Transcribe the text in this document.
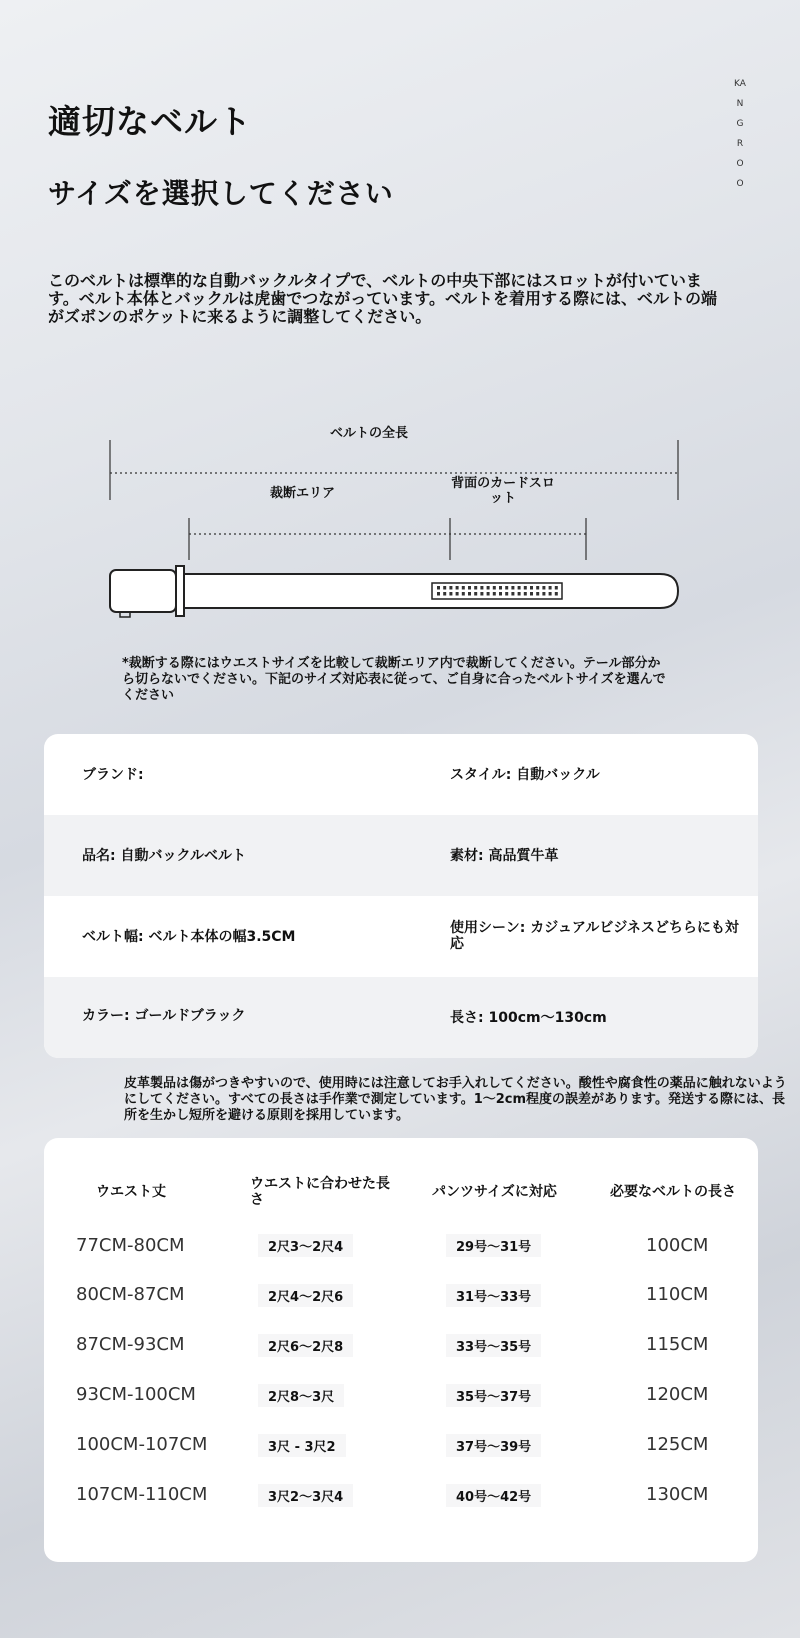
適切なベルト
サイズを選択してください
KANGROO
このベルトは標準的な自動バックルタイプで、ベルトの中央下部にはスロットが付いています。ベルト本体とバックルは虎歯でつながっています。ベルトを着用する際には、ベルトの端がズボンのポケットに来るように調整してください。
ベルトの全長
裁断エリア
背面のカードスロ
ット
*裁断する際にはウエストサイズを比較して裁断エリア内で裁断してください。テール部分から切らないでください。下記のサイズ対応表に従って、ご自身に合ったベルトサイズを選んでください
ブランド:	スタイル: 自動バックル
品名: 自動バックルベルト	素材: 高品質牛革
ベルト幅: ベルト本体の幅3.5CM
使用シーン: カジュアルビジネスどちらにも対応
カラー: ゴールドブラック	長さ: 100cm～130cm
皮革製品は傷がつきやすいので、使用時には注意してお手入れしてください。酸性や腐食性の薬品に触れないようにしてください。すべての長さは手作業で測定しています。1～2cm程度の誤差があります。発送する際には、長所を生かし短所を避ける原則を採用しています。
ウエスト丈	ウエストに合わせた長さ	パンツサイズに対応	必要なベルトの長さ
77CM-80CM	2尺3～2尺4	29号～31号	100CM
80CM-87CM	2尺4～2尺6	31号～33号	110CM
87CM-93CM	2尺6～2尺8	33号～35号	115CM
93CM-100CM	2尺8～3尺	35号～37号	120CM
100CM-107CM	3尺 - 3尺2	37号～39号	125CM
107CM-110CM	3尺2～3尺4	40号～42号	130CM
